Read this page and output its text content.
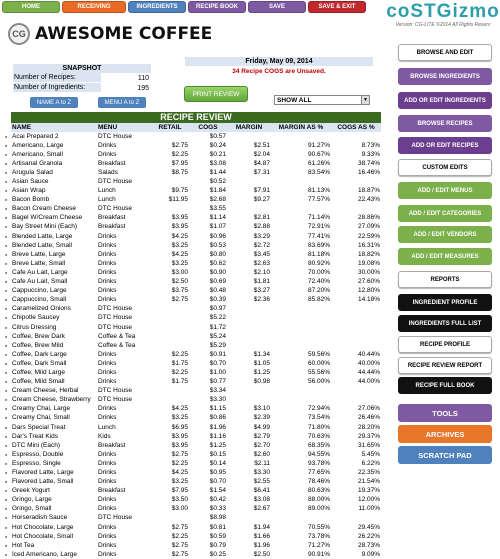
HOME	RECEIVING	INGREDIENTS	RECIPE BOOK	SAVE	SAVE & EXIT	coSTGizmo
Version: CG-LITE ©2014 All Rights Reserv
CG AWESOME COFFEE
SNAPSHOT
Number of Recipes:	110
Number of Ingredients:	195
NAME A to Z	MENU A to Z
Friday, May 09, 2014
34 Recipe COGS are Unsaved.
PRINT REVIEW
SHOW ALL	▼
RECIPE REVIEW
	NAME	MENU	RETAIL	COGS	MARGIN	MARGIN AS %	COGS AS %
■	Acai Prepared 2	DTC House		$0.57			
■	Americano, Large	Drinks	$2.75	$0.24	$2.51	91.27%	8.73%
■	Americano, Small	Drinks	$2.25	$0.21	$2.04	90.67%	9.33%
■	Artisanal Granola	Breakfast	$7.95	$3.08	$4.87	61.26%	38.74%
■	Arugula Salad	Salads	$8.75	$1.44	$7.31	83.54%	16.46%
■	Asian Sauce	DTC House		$0.52			
■	Asian Wrap	Lunch	$9.75	$1.84	$7.91	81.13%	18.87%
■	Bacon Bomb	Lunch	$11.95	$2.68	$9.27	77.57%	22.43%
■	Bacon Cream Cheese	DTC House		$3.55			
■	Bagel W/Cream Cheese	Breakfast	$3.95	$1.14	$2.81	71.14%	28.86%
■	Bay Street Mini (Each)	Breakfast	$3.95	$1.07	$2.88	72.91%	27.09%
■	Blended Latte, Large	Drinks	$4.25	$0.96	$3.29	77.41%	22.59%
■	Blended Latte, Small	Drinks	$3.25	$0.53	$2.72	83.69%	16.31%
■	Breve Latte, Large	Drinks	$4.25	$0.80	$3.45	81.18%	18.82%
■	Breve Latte, Small	Drinks	$3.25	$0.62	$2.63	80.92%	19.08%
■	Cafe Au Lait, Large	Drinks	$3.00	$0.90	$2.10	70.00%	30.00%
■	Cafe Au Lait, Small	Drinks	$2.50	$0.69	$1.81	72.40%	27.60%
■	Cappuccino, Large	Drinks	$3.75	$0.48	$3.27	87.20%	12.80%
■	Cappuccino, Small	Drinks	$2.75	$0.39	$2.36	85.82%	14.18%
■	Caramelized Onions	DTC House		$0.97			
■	Chipotle Saucey	DTC House		$5.22			
■	Citrus Dressing	DTC House		$1.72			
■	Coffee, Brew Dark	Coffee & Tea		$5.24			
■	Coffee, Brew Mild	Coffee & Tea		$5.29			
■	Coffee, Dark Large	Drinks	$2.25	$0.91	$1.34	59.56%	40.44%
■	Coffee, Dark Small	Drinks	$1.75	$0.70	$1.05	60.00%	40.00%
■	Coffee, Mild Large	Drinks	$2.25	$1.00	$1.25	55.56%	44.44%
■	Coffee, Mild Small	Drinks	$1.75	$0.77	$0.98	56.00%	44.00%
■	Cream Cheese, Herbal	DTC House		$3.34			
■	Cream Cheese, Strawberry	DTC House		$3.30			
■	Creamy Chai, Large	Drinks	$4.25	$1.15	$3.10	72.94%	27.06%
■	Creamy Chai, Small	Drinks	$3.25	$0.86	$2.39	73.54%	26.46%
■	Dars Special Treat	Lunch	$6.95	$1.96	$4.99	71.80%	28.20%
■	Dar's Treat Kids	Kids	$3.95	$1.16	$2.79	70.63%	29.37%
■	DTC Mini (Each)	Breakfast	$3.95	$1.25	$2.70	68.35%	31.65%
■	Espresso, Double	Drinks	$2.75	$0.15	$2.60	94.55%	5.45%
■	Espresso, Single	Drinks	$2.25	$0.14	$2.11	93.78%	6.22%
■	Flavored Latte, Large	Drinks	$4.25	$0.95	$3.30	77.65%	22.35%
■	Flavored Latte, Small	Drinks	$3.25	$0.70	$2.55	78.46%	21.54%
■	Greek Yogurt	Breakfast	$7.95	$1.54	$6.41	80.63%	19.37%
■	Gringo, Large	Drinks	$3.50	$0.42	$3.08	88.00%	12.00%
■	Gringo, Small	Drinks	$3.00	$0.33	$2.67	89.00%	11.00%
■	Horseradish Sauce	DTC House		$8.98			
■	Hot Chocolate, Large	Drinks	$2.75	$0.81	$1.94	70.55%	29.45%
■	Hot Chocolate, Small	Drinks	$2.25	$0.59	$1.66	73.78%	26.22%
■	Hot Tea	Drinks	$2.75	$0.79	$1.96	71.27%	28.73%
■	Iced Americano, Large	Drinks	$2.75	$0.25	$2.50	90.91%	9.09%
BROWSE AND EDIT
BROWSE INGREDIENTS
ADD OR EDIT INGREDIENTS
BROWSE RECIPES
ADD OR EDIT RECIPES
CUSTOM EDITS
ADD / EDIT MENUS
ADD / EDIT CATEGORIES
ADD / EDIT VENDORS
ADD / EDIT MEASURES
REPORTS
INGREDIENT PROFILE
INGREDIENTS FULL LIST
RECIPE PROFILE
RECIPE REVIEW REPORT
RECIPE FULL BOOK
TOOLS
ARCHIVES
SCRATCH PAD
